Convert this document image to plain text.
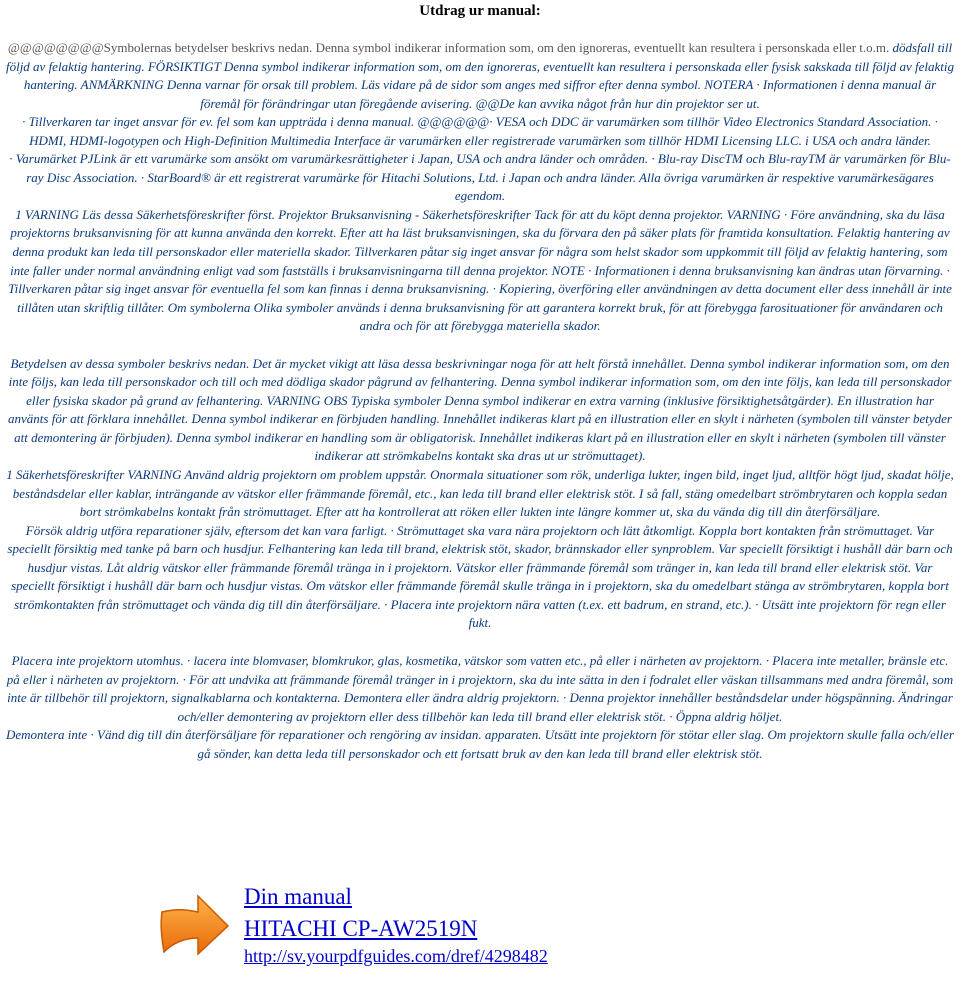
Utdrag ur manual:

@@@@@@@@Symbolernas betydelser beskrivs nedan. Denna symbol indikerar information som, om den ignoreras, eventuellt kan resultera i personskada eller t.o.m. dödsfall till följd av felaktig hantering. FÖRSIKTIGT Denna symbol indikerar information som, om den ignoreras, eventuellt kan resultera i personskada eller fysisk sakskada till följd av felaktig hantering. ANMÄRKNING Denna varnar för orsak till problem. Läs vidare på de sidor som anges med siffror efter denna symbol. NOTERA · Informationen i denna manual är föremål för förändringar utan föregående avisering. @@De kan avvika något från hur din projektor ser ut.

· Tillverkaren tar inget ansvar för ev. fel som kan uppträda i denna manual. @@@@@@· VESA och DDC är varumärken som tillhör Video Electronics Standard Association. · HDMI, HDMI-logotypen och High-Definition Multimedia Interface är varumärken eller registrerade varumärken som tillhör HDMI Licensing LLC. i USA och andra länder.

· Varumärket PJLink är ett varumärke som ansökt om varumärkesrättigheter i Japan, USA och andra länder och områden. · Blu-ray DiscTM och Blu-rayTM är varumärken för Blu-ray Disc Association. · StarBoard® är ett registrerat varumärke för Hitachi Solutions, Ltd. i Japan och andra länder. Alla övriga varumärken är respektive varumärkesägares egendom.

1 VARNING Läs dessa Säkerhetsföreskrifter först. Projektor Bruksanvisning - Säkerhetsföreskrifter Tack för att du köpt denna projektor. VARNING · Före användning, ska du läsa projektorns bruksanvisning för att kunna använda den korrekt. Efter att ha läst bruksanvisningen, ska du förvara den på säker plats för framtida konsultation. Felaktig hantering av denna produkt kan leda till personskador eller materiella skador. Tillverkaren påtar sig inget ansvar för några som helst skador som uppkommit till följd av felaktig hantering, som inte faller under normal användning enligt vad som fastställs i bruksanvisningarna till denna projektor. NOTE · Informationen i denna bruksanvisning kan ändras utan förvarning. · Tillverkaren påtar sig inget ansvar för eventuella fel som kan finnas i denna bruksanvisning. · Kopiering, överföring eller användningen av detta document eller dess innehåll är inte tillåten utan skriftlig tillåter. Om symbolerna Olika symboler används i denna bruksanvisning för att garantera korrekt bruk, för att förebygga farosituationer för användaren och andra och för att förebygga materiella skador.

Betydelsen av dessa symboler beskrivs nedan. Det är mycket vikigt att läsa dessa beskrivningar noga för att helt förstå innehållet. Denna symbol indikerar information som, om den inte följs, kan leda till personskador och till och med dödliga skador pågrund av felhantering. Denna symbol indikerar information som, om den inte följs, kan leda till personskador eller fysiska skador på grund av felhantering. VARNING OBS Typiska symboler Denna symbol indikerar en extra varning (inklusive försiktighetsåtgärder). En illustration har använts för att förklara innehållet. Denna symbol indikerar en förbjuden handling. Innehållet indikeras klart på en illustration eller en skylt i närheten (symbolen till vänster betyder att demontering är förbjuden). Denna symbol indikerar en handling som är obligatorisk. Innehållet indikeras klart på en illustration eller en skylt i närheten (symbolen till vänster indikerar att strömkabelns kontakt ska dras ut ur strömuttaget).

1 Säkerhetsföreskrifter VARNING Använd aldrig projektorn om problem uppstår. Onormala situationer som rök, underliga lukter, ingen bild, inget ljud, alltför högt ljud, skadat hölje, beståndsdelar eller kablar, inträngande av vätskor eller främmande föremål, etc., kan leda till brand eller elektrisk stöt. I så fall, stäng omedelbart strömbrytaren och koppla sedan bort strömkabelns kontakt från strömuttaget. Efter att ha kontrollerat att röken eller lukten inte längre kommer ut, ska du vända dig till din återförsäljare.

Försök aldrig utföra reparationer själv, eftersom det kan vara farligt. · Strömuttaget ska vara nära projektorn och lätt åtkomligt. Koppla bort kontakten från strömuttaget. Var speciellt försiktig med tanke på barn och husdjur. Felhantering kan leda till brand, elektrisk stöt, skador, brännskador eller synproblem. Var speciellt försiktigt i hushåll där barn och husdjur vistas. Låt aldrig vätskor eller främmande föremål tränga in i projektorn. Vätskor eller främmande föremål som tränger in, kan leda till brand eller elektrisk stöt. Var speciellt försiktigt i hushåll där barn och husdjur vistas. Om vätskor eller främmande föremål skulle tränga in i projektorn, ska du omedelbart stänga av strömbrytaren, koppla bort strömkontakten från strömuttaget och vända dig till din återförsäljare. · Placera inte projektorn nära vatten (t.ex. ett badrum, en strand, etc.). · Utsätt inte projektorn för regn eller fukt.

Placera inte projektorn utomhus. · lacera inte blomvaser, blomkrukor, glas, kosmetika, vätskor som vatten etc., på eller i närheten av projektorn. · Placera inte metaller, bränsle etc. på eller i närheten av projektorn. · För att undvika att främmande föremål tränger in i projektorn, ska du inte sätta in den i fodralet eller väskan tillsammans med andra föremål, som inte är tillbehör till projektorn, signalkablarna och kontakterna. Demontera eller ändra aldrig projektorn. · Denna projektor innehåller beståndsdelar under högspänning. Ändringar och/eller demontering av projektorn eller dess tillbehör kan leda till brand eller elektrisk stöt. · Öppna aldrig höljet.

Demontera inte · Vänd dig till din återförsäljare för reparationer och rengöring av insidan. apparaten. Utsätt inte projektorn för stötar eller slag. Om projektorn skulle falla och/eller gå sönder, kan detta leda till personskador och ett fortsatt bruk av den kan leda till brand eller elektrisk stöt.

Din manual
HITACHI CP-AW2519N
http://sv.yourpdfguides.com/dref/4298482
